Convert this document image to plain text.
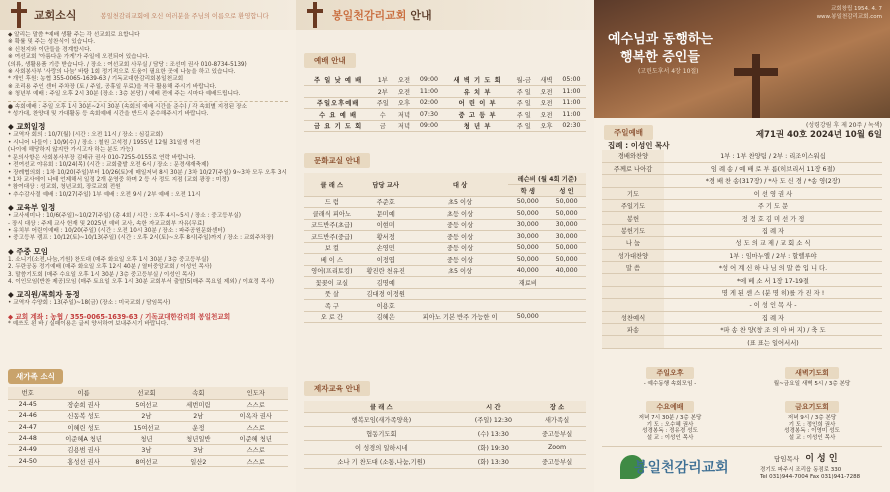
교회소식	봉일천감리교회에 오신 여러분을 주님의 이름으로 환영합니다
◆ 알리는 말씀 *예배 생활 주는 각 선교회로 요합니다
※ 확률 및 주는 성찬식이 있습니다.
※ 신천지와 이단들을 경계합시다.
※ 여선교회 '아름다운 가게'가 주일에 오전되어 있습니다.
(의류, 생활용품 기증 받습니다. / 장소 : 여선교회 사무실 / 담당 : 조선미 권사 010-8734-5139)
※ 사회봉사부 '사랑의 나눔' 바탕 1회 정기적으로 도움이 필요한 곳에 나눔을 하고 있습니다.
* 개인 후원: 농협 355-0065-1639-63 / 기독교대한감리회봉일천교회
※ 조리용 주인 센터 주차장 (토 / 주일, 공휴일 무료)을 적극 활용해 주시기 바랍니다.
※ 청년부 예배 : 주일 오후 2시 30분 (장소 : 3층 본당) / 예배 전에 주는 시마다 예배드립니다.
● 속회예배 : 주일 오후 1시 30분~2시 30분 (속회의 예배 시간을 준수) / 각 속회별 지정된 장소
* 성가대, 찬양대 및 가대활동 등 속회예배 시간을 반드시 준수해주시기 바랍니다.
◆ 교회일정
• 교역자 회의 : 10/7(월) (시간 : 오전 11시 / 장소 : 심길교회)
• 시니어 나들이 : 10/9(수) / 장소 : 철원 고석정 / 1955년 12월 31일생 이전
(나이에 해당하지 않지만 가시고자 하는 분도 가능)
* 문의사항은 사회봉사부장 김태규 권사 010-7255-0155로 연락 바랍니다.
• 전여선교 야유회 : 10/24(목) (시간 : 교회출발 오전 6시 / 장소 : 문경새재축제)
• 장례협의회 : 1차 10/20(주일)부터 10/26(토)에 매일저녁 8시 30분 / 3차 10/27(주일) 9~3차 모두 오후 3시
* 1차 교사에이 나태 언제해서 일정 2개 운영중 하며 2 등 사 정도 지점 (교회 광장 : 미정)
* 참여대상 : 성교회, 청년교회, 장로교회 전원
• 추수감사절 예배 : 10/27(주일) 1부 예배 : 오전 9시 / 2부 예배 : 오전 11시
◆ 교육부 일정
• 교사세미나 : 10/6(주일)~10/27(주일) (총 4회 / 시간 : 오후 4시~5시 / 장소 : 중고등부실)
- 장시 대상 : 주제 교사 헌재 및 2025년 예비 교사, 속한 자교교회부 자유(무료)
• 유치부 어린이예배 : 10/20(주일) (시간 : 오전 10시 30분 / 장소 : 파주공원문화센터)
• 중고등부 캠프 : 10/12(토)~10/13(주일) (시간 : 오후 2시(토)~오후 8시(주일)까지 / 장소 : 교회주차장)
◆ 주중 모임
1. 소니기(소전,나눔,기원) 찬도대 (매주 화요일 오후 1시 30분 / 3층 중고등부실)
2. 두란공동 정기예배 (매주 화요일 오후 12시 40분 / 열터중앙교회 / 이성인 목사)
3. 말씀기도회 (매주 수요일 오후 1시 30분 / 3층 중고등부실 / 이성인 목사)
4. 이인모임(반찬 제공)모임 (매주 토요일 오후 1시 30분 교회부서 출발(5(매주 목요일 제외) / 이효정 목사)
◆ 교직원/목회자 동정
• 교역자 수양회 : 13(주일)~18(금) (장소 : 미국교회 / 담임목사)
◆ 교회 계좌 : 농협 / 355-0065-1639-63 / 기독교대한감리회 봉일천교회
* 예쓰도 왼 바 / 실패이용은 글씨 양서하여 보내주시기 바랍니다.
새가족 소식
번호	이름	선교회	속회	인도자
24-45	장순희 권사	5여선교	세번미림	스스로
24-46	신동복 성도	2남	2남	이옥자 권사
24-47	이혜린 성도	15여선교	운정	스스로
24-48	이준혜A 청년	청년	청년일반	이준혜 청년
24-49	김용범 권사	3남	3남	스스로
24-50	홍성선 권사	8여선교	일산2	스스로
봉일천감리교회 안내
예배 안내
주 일 낮 예 배	1부	오전	09:00	새 벽 기 도 회	월-금	새벽	05:00
	2부	오전	11:00	유 치 부	주 일	오전	11:00
주일오후예배	주일	오후	02:00	어 린 이 부	주 일	오전	11:00
수 요 예 배	수	저녁	07:30	중 고 등 부	주 일	오전	11:00
금 요 기 도 회	금	저녁	09:00	청 년 부	주 일	오후	02:30
문화교실 안내
클 래 스	담당 교사	대 상	레슨비 (월 4회 기준)	
			학 생	성 인
드 럼	주준호	초5 이상	50,000	50,000
클래식 피아노	문미예	초등 이상	50,000	50,000
코드반주(초급)	이현미	중등 이상	30,000	30,000
코드반주(중급)	황서정	중등 이상	30,000	30,000
보 컬	손영민	중등 이상	50,000	50,000
베 이 스	이정엽	중등 이상	50,000	50,000
영어(프리토킹)	황진란 천유진	초5 이상	40,000	40,000
꽃꽂이 교실	김명예		재료비	
풋 살	김대경 이정원			
족 구	이용호			
오 로 간	김혜은	피아노 기본 반주 가능한 이	50,000	
제자교육 안내
클 래 스	시 간	장 소
행복모임(새가족양육)	(주일) 12:30	새가족실
협동기도회	(수) 13:30	중고등부실
이 성경의 일하시네	(화) 19:30	Zoom
소나 기 찬도대 (소통,나눔,기원)	(화) 13:30	중고등부실
교회창립 1954. 4. 7
www.봉일천감리교회.com
예수님과 동행하는
행복한 증인들
(고린도후서 4장 10절)
주일예배
(성령강림 후 제 20주 / 녹색)
제71권 40호 2024년 10월 6일
집례 : 이성인 목사
경배와찬양	1부 : 1부 찬양팀 / 2부 : 리조이스워십
주께로 나아감	임 례 송 / 예 배 로 부 름(히브리서 11장 6절)
	*경 배 찬 송(317장) / *사 도 신 경 / *송 영(2장)
기도	이 선 영 권 사
주일기도	주 기 도 문
봉헌	정 정 호 김 미 선 가 정
봉헌기도	집 례 자
나 눔	성 도 의 교 제 / 교 회 소 식
성가대찬양	1부 : 임마누엘 / 2부 : 할렐루야
말 씀	*성 어 계 신 하 나 님 의 말 씀 입 니 다.
	*에 베 소 서 1장 17-19절
	명 게 된 센 스 (분 명 히)를 가 진 자 !
	- 이 성 인 목 사 -
성찬예식	집 례 자
파송	*파 송 찬 양(창 조 의 아 버 지) / 축 도
	(표 표는 일어서서)
주일오후
- 예수동행 속회모임 -
새벽기도회
월~금요일 새벽 5시 / 3층 본당
수요예배
저녁 7시 30분 / 3층 본당
기 도 : 오수혜 권사
성경봉독 : 정유경 성도
설 교 : 이성인 목사
금요기도회
저녁 9시 / 3층 본당
기 도 : 정인희 권사
성경봉독 : 이영미 성도
설 교 : 이성인 목사
봉일천감리교회
담임목사 이 성 인
경기도 파주시 조리읍 동점로 330
Tel 031)944-7004 Fax 031)941-7288
